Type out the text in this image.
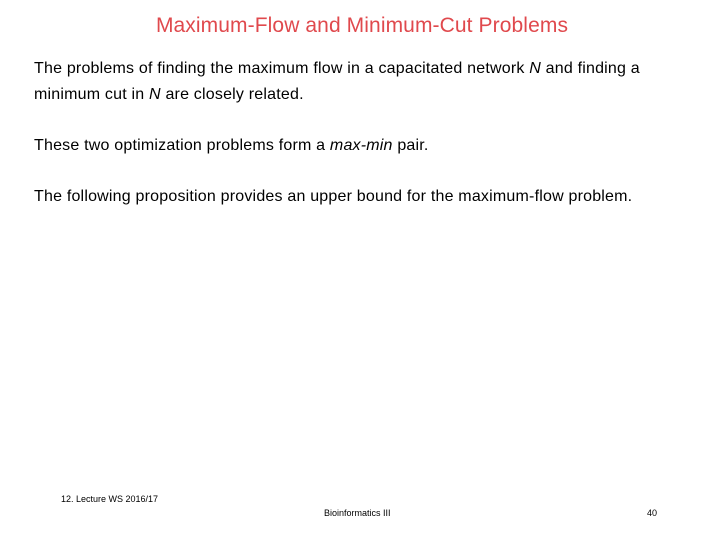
Maximum-Flow and Minimum-Cut Problems
The problems of finding the maximum flow in a capacitated network N and finding a minimum cut in N are closely related.
These two optimization problems form a max-min pair.
The following proposition provides an upper bound for the maximum-flow problem.
12. Lecture WS 2016/17
Bioinformatics III	40
